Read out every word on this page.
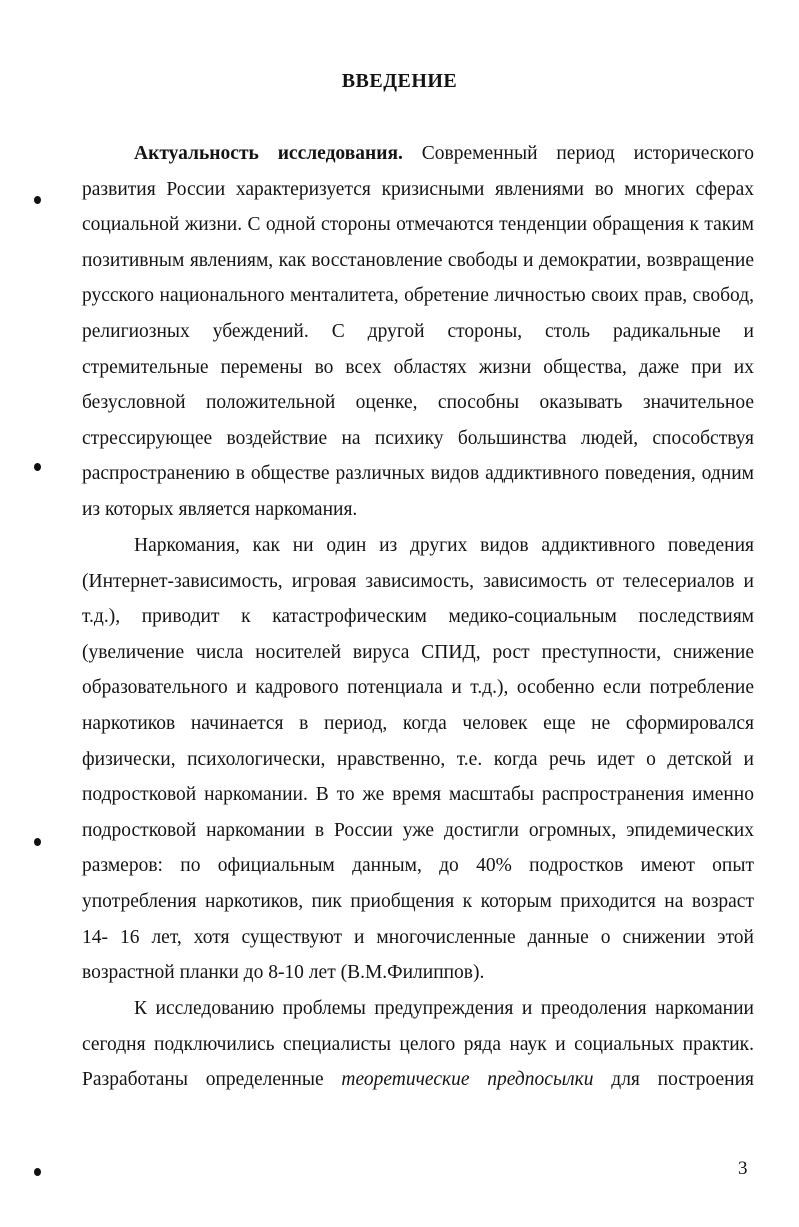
ВВЕДЕНИЕ
Актуальность исследования. Современный период исторического
развития России характеризуется кризисными явлениями во многих сферах
социальной жизни. С одной стороны отмечаются тенденции обращения к таким
позитивным явлениям, как восстановление свободы и демократии, возвращение
русского национального менталитета, обретение личностью своих прав, свобод,
религиозных убеждений. С другой стороны, столь радикальные и
стремительные перемены во всех областях жизни общества, даже при их
безусловной положительной оценке, способны оказывать значительное
стрессирующее воздействие на психику большинства людей, способствуя
распространению в обществе различных видов аддиктивного поведения, одним
из которых является наркомания.
Наркомания, как ни один из других видов аддиктивного поведения
(Интернет-зависимость, игровая зависимость, зависимость от телесериалов и
т.д.), приводит к катастрофическим медико-социальным последствиям
(увеличение числа носителей вируса СПИД, рост преступности, снижение
образовательного и кадрового потенциала и т.д.), особенно если потребление
наркотиков начинается в период, когда человек еще не сформировался
физически, психологически, нравственно, т.е. когда речь идет о детской и
подростковой наркомании. В то же время масштабы распространения именно
подростковой наркомании в России уже достигли огромных, эпидемических
размеров: по официальным данным, до 40% подростков имеют опыт
употребления наркотиков, пик приобщения к которым приходится на возраст
14- 16 лет, хотя существуют и многочисленные данные о снижении этой
возрастной планки до 8-10 лет (В.М.Филиппов).
К исследованию проблемы предупреждения и преодоления наркомании
сегодня подключились специалисты целого ряда наук и социальных практик.
Разработаны определенные теоретические предпосылки для построения
3
